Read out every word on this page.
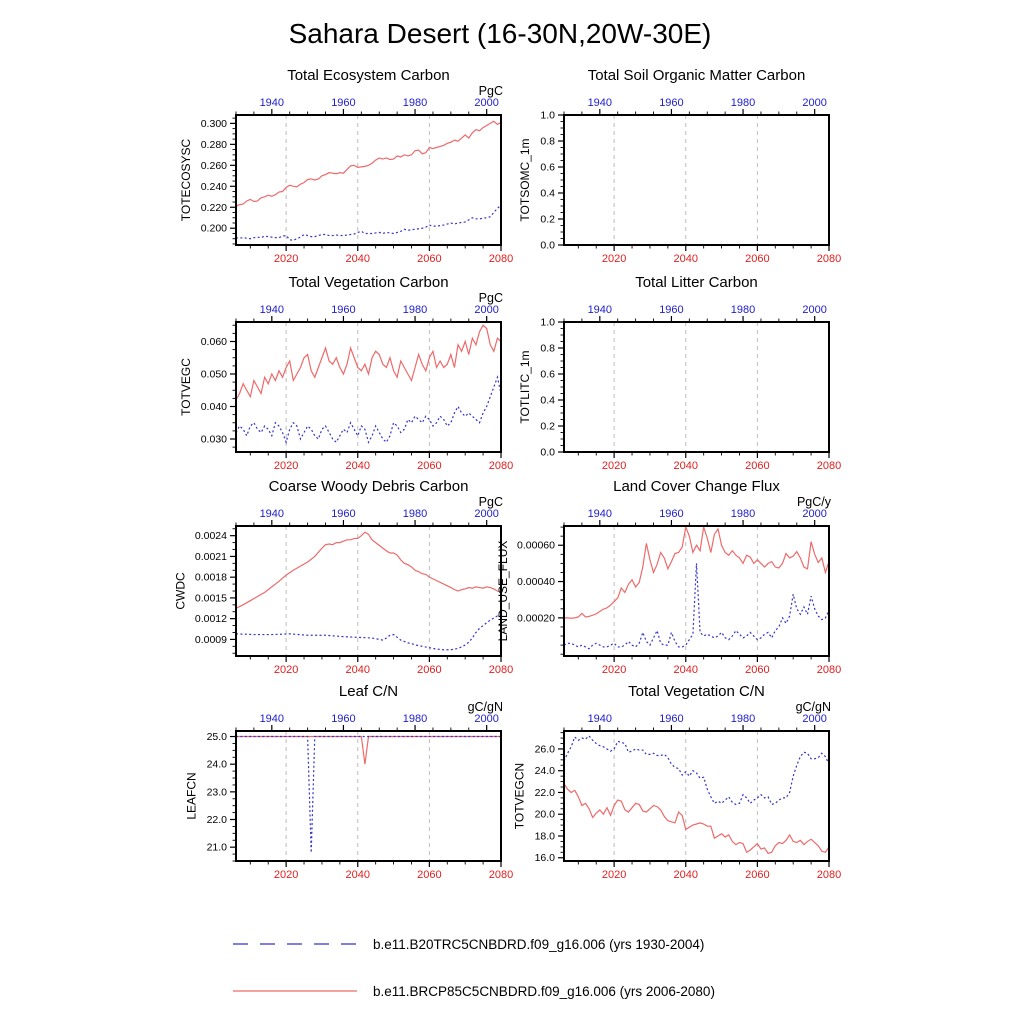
Sahara Desert (16-30N,20W-30E)
1940	1960	1980	2000
2020	2040	2060	2080
0.200
0.220
0.240
0.260
0.280
0.300
PgC
TOTECOSYSC
Total Ecosystem Carbon
1940	1960	1980	2000
2020	2040	2060	2080
0.0
0.2
0.4
0.6
0.8
1.0
TOTSOMC_1m
Total Soil Organic Matter Carbon
1940	1960	1980	2000
2020	2040	2060	2080
0.030
0.040
0.050
0.060
PgC
TOTVEGC
Total Vegetation Carbon
1940	1960	1980	2000
2020	2040	2060	2080
0.0
0.2
0.4
0.6
0.8
1.0
TOTLITC_1m
Total Litter Carbon
1940	1960	1980	2000
2020	2040	2060	2080
0.0009
0.0012
0.0015
0.0018
0.0021
0.0024
PgC
CWDC
Coarse Woody Debris Carbon
1940	1960	1980	2000
2020	2040	2060	2080
0.00020
0.00040
0.00060
PgC/y
LAND_USE_FLUX
Land Cover Change Flux
1940	1960	1980	2000
2020	2040	2060	2080
21.0
22.0
23.0
24.0
25.0
gC/gN
LEAFCN
Leaf C/N
1940	1960	1980	2000
2020	2040	2060	2080
16.0
18.0
20.0
22.0
24.0
26.0
gC/gN
TOTVEGCN
Total Vegetation C/N
b.e11.B20TRC5CNBDRD.f09_g16.006 (yrs 1930-2004)
b.e11.BRCP85C5CNBDRD.f09_g16.006 (yrs 2006-2080)
